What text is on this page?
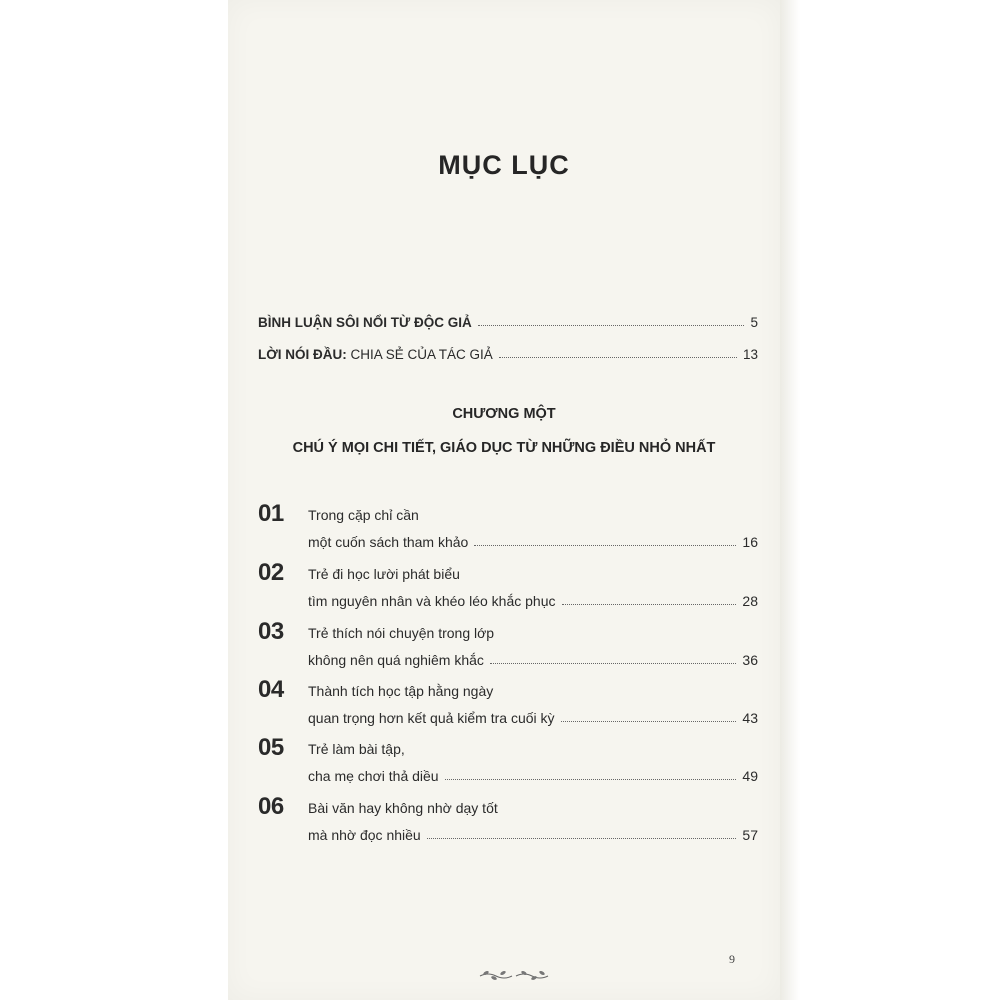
MỤC LỤC
9
BÌNH LUẬN SÔI NỔI TỪ ĐỘC GIẢ	5
LỜI NÓI ĐẦU: CHIA SẺ CỦA TÁC GIẢ	13
CHƯƠNG MỘT
CHÚ Ý MỌI CHI TIẾT, GIÁO DỤC TỪ NHỮNG ĐIỀU NHỎ NHẤT
01 Trong cặp chỉ cần
một cuốn sách tham khảo	16
02 Trẻ đi học lười phát biểu
tìm nguyên nhân và khéo léo khắc phục	28
03 Trẻ thích nói chuyện trong lớp
không nên quá nghiêm khắc	36
04 Thành tích học tập hằng ngày
quan trọng hơn kết quả kiểm tra cuối kỳ	43
05 Trẻ làm bài tập,
cha mẹ chơi thả diều	49
06 Bài văn hay không nhờ dạy tốt
mà nhờ đọc nhiều	57
